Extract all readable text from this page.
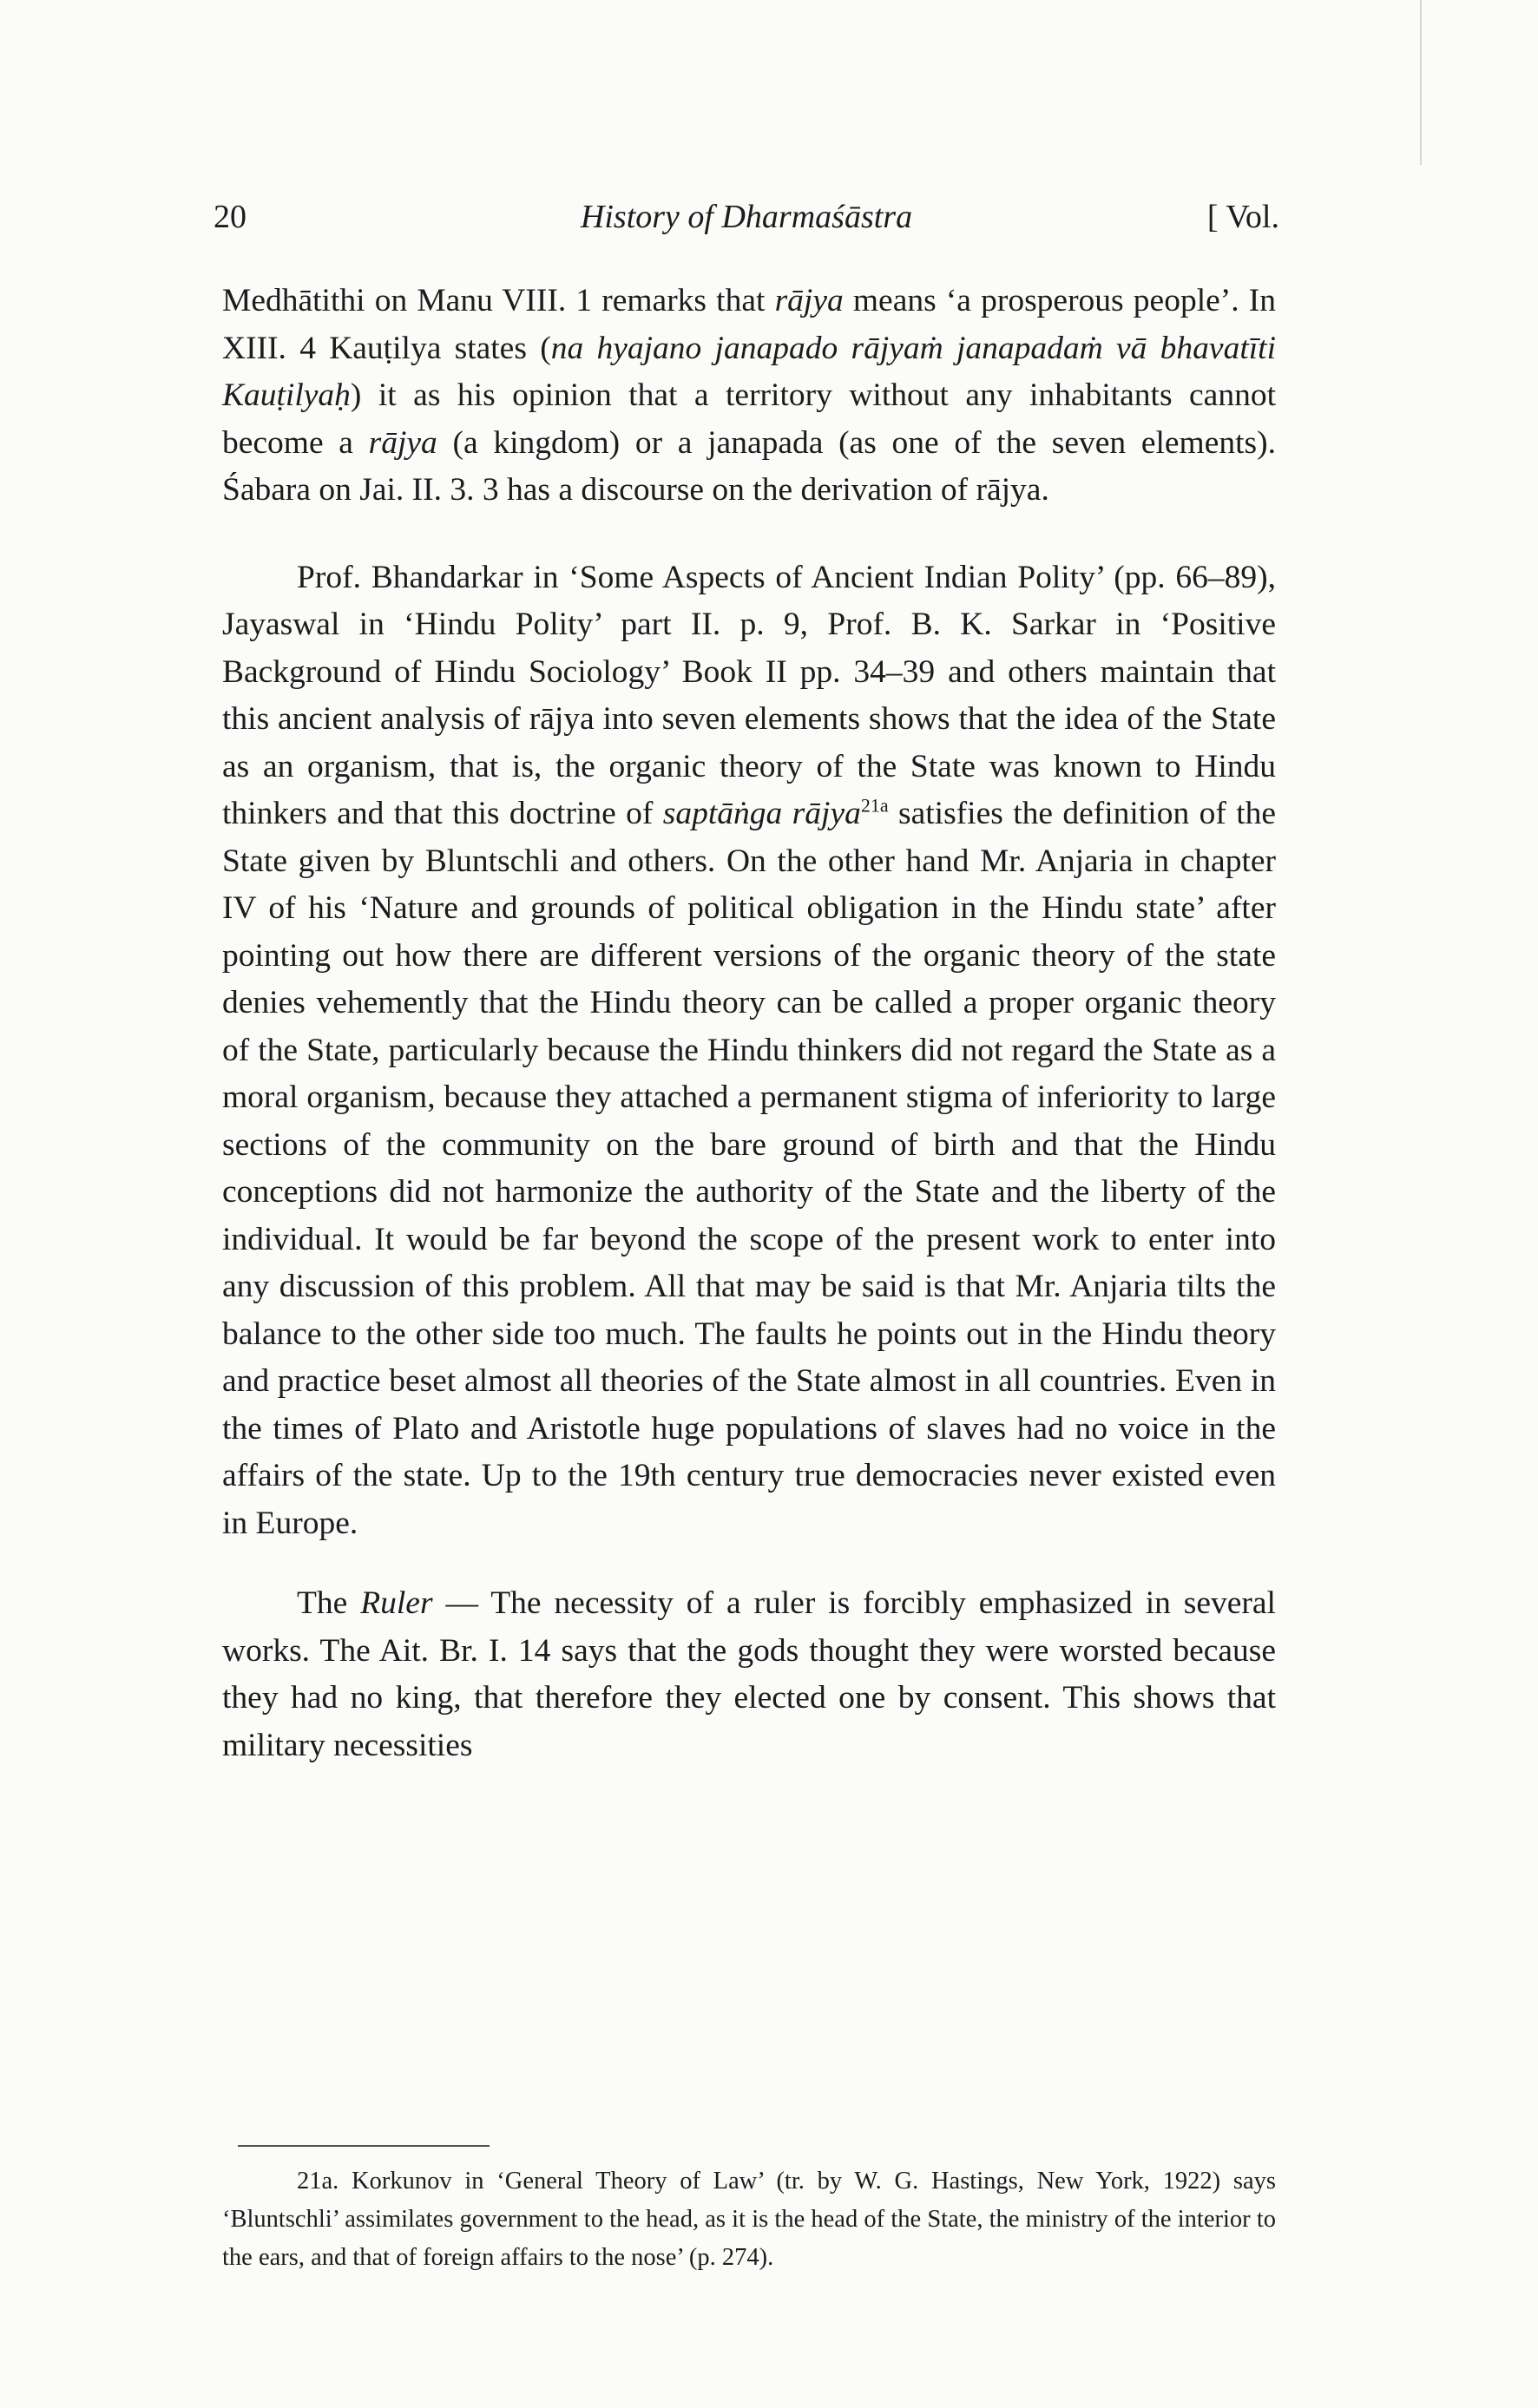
20	History of Dharmaśāstra	[ Vol.

Medhātithi on Manu VIII. 1 remarks that rājya means ‘a prosperous people’. In XIII. 4 Kauṭilya states (na hyajano janapado rājyaṁ janapadaṁ vā bhavatīti Kauṭilyaḥ) it as his opinion that a territory without any inhabitants cannot become a rājya (a kingdom) or a janapada (as one of the seven elements). Śabara on Jai. II. 3. 3 has a discourse on the derivation of rājya.

Prof. Bhandarkar in ‘Some Aspects of Ancient Indian Polity’ (pp. 66–89), Jayaswal in ‘Hindu Polity’ part II. p. 9, Prof. B. K. Sarkar in ‘Positive Background of Hindu Sociology’ Book II pp. 34–39 and others maintain that this ancient analysis of rājya into seven elements shows that the idea of the State as an organism, that is, the organic theory of the State was known to Hindu thinkers and that this doctrine of saptāṅga rājya$^{21a}$ satisfies the definition of the State given by Bluntschli and others. On the other hand Mr. Anjaria in chapter IV of his ‘Nature and grounds of political obligation in the Hindu state’ after pointing out how there are different versions of the organic theory of the state denies vehemently that the Hindu theory can be called a proper organic theory of the State, particularly because the Hindu thinkers did not regard the State as a moral organism, because they attached a permanent stigma of inferiority to large sections of the community on the bare ground of birth and that the Hindu conceptions did not harmonize the authority of the State and the liberty of the individual. It would be far beyond the scope of the present work to enter into any discussion of this problem. All that may be said is that Mr. Anjaria tilts the balance to the other side too much. The faults he points out in the Hindu theory and practice beset almost all theories of the State almost in all countries. Even in the times of Plato and Aristotle huge populations of slaves had no voice in the affairs of the state. Up to the 19th century true democracies never existed even in Europe.

The Ruler — The necessity of a ruler is forcibly emphasized in several works. The Ait. Br. I. 14 says that the gods thought they were worsted because they had no king, that therefore they elected one by consent. This shows that military necessities

21a. Korkunov in ‘General Theory of Law’ (tr. by W. G. Hastings, New York, 1922) says ‘Bluntschli’ assimilates government to the head, as it is the head of the State, the ministry of the interior to the ears, and that of foreign affairs to the nose’ (p. 274).
